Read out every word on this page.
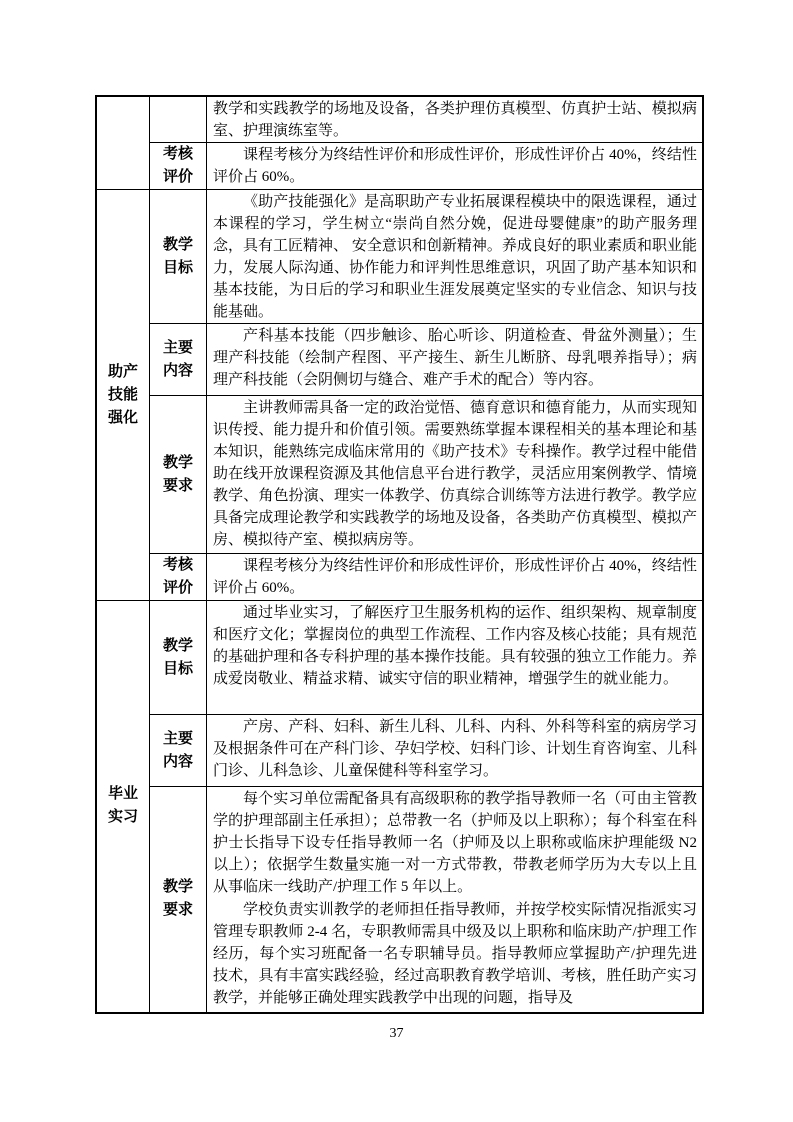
		教学和实践教学的场地及设备，各类护理仿真模型、仿真护士站、模拟病室、护理演练室等。

	考核评价	课程考核分为终结性评价和形成性评价，形成性评价占 40%，终结性评价占 60%。

助产技能强化	教学目标	《助产技能强化》是高职助产专业拓展课程模块中的限选课程，通过本课程的学习，学生树立“崇尚自然分娩，促进母婴健康”的助产服务理念，具有工匠精神、 安全意识和创新精神。养成良好的职业素质和职业能力，发展人际沟通、协作能力和评判性思维意识，巩固了助产基本知识和基本技能，为日后的学习和职业生涯发展奠定坚实的专业信念、知识与技能基础。

	主要内容	产科基本技能（四步触诊、胎心听诊、阴道检查、骨盆外测量）；生理产科技能（绘制产程图、平产接生、新生儿断脐、母乳喂养指导）；病理产科技能（会阴侧切与缝合、难产手术的配合）等内容。

	教学要求	主讲教师需具备一定的政治觉悟、德育意识和德育能力，从而实现知识传授、能力提升和价值引领。需要熟练掌握本课程相关的基本理论和基本知识，能熟练完成临床常用的《助产技术》专科操作。教学过程中能借助在线开放课程资源及其他信息平台进行教学，灵活应用案例教学、情境教学、角色扮演、理实一体教学、仿真综合训练等方法进行教学。教学应具备完成理论教学和实践教学的场地及设备，各类助产仿真模型、模拟产房、模拟待产室、模拟病房等。

	考核评价	课程考核分为终结性评价和形成性评价，形成性评价占 40%，终结性评价占 60%。

毕业实习	教学目标	通过毕业实习，了解医疗卫生服务机构的运作、组织架构、规章制度和医疗文化；掌握岗位的典型工作流程、工作内容及核心技能；具有规范的基础护理和各专科护理的基本操作技能。具有较强的独立工作能力。养成爱岗敬业、精益求精、诚实守信的职业精神，增强学生的就业能力。

	主要内容	产房、产科、妇科、新生儿科、儿科、内科、外科等科室的病房学习及根据条件可在产科门诊、孕妇学校、妇科门诊、计划生育咨询室、儿科门诊、儿科急诊、儿童保健科等科室学习。

	教学要求	每个实习单位需配备具有高级职称的教学指导教师一名（可由主管教学的护理部副主任承担）；总带教一名（护师及以上职称）；每个科室在科护士长指导下设专任指导教师一名（护师及以上职称或临床护理能级 N2 以上）；依据学生数量实施一对一方式带教，带教老师学历为大专以上且从事临床一线助产/护理工作 5 年以上。

学校负责实训教学的老师担任指导教师，并按学校实际情况指派实习管理专职教师 2-4 名，专职教师需具中级及以上职称和临床助产/护理工作经历，每个实习班配备一名专职辅导员。指导教师应掌握助产/护理先进技术，具有丰富实践经验，经过高职教育教学培训、考核，胜任助产实习教学，并能够正确处理实践教学中出现的问题，指导及

37
